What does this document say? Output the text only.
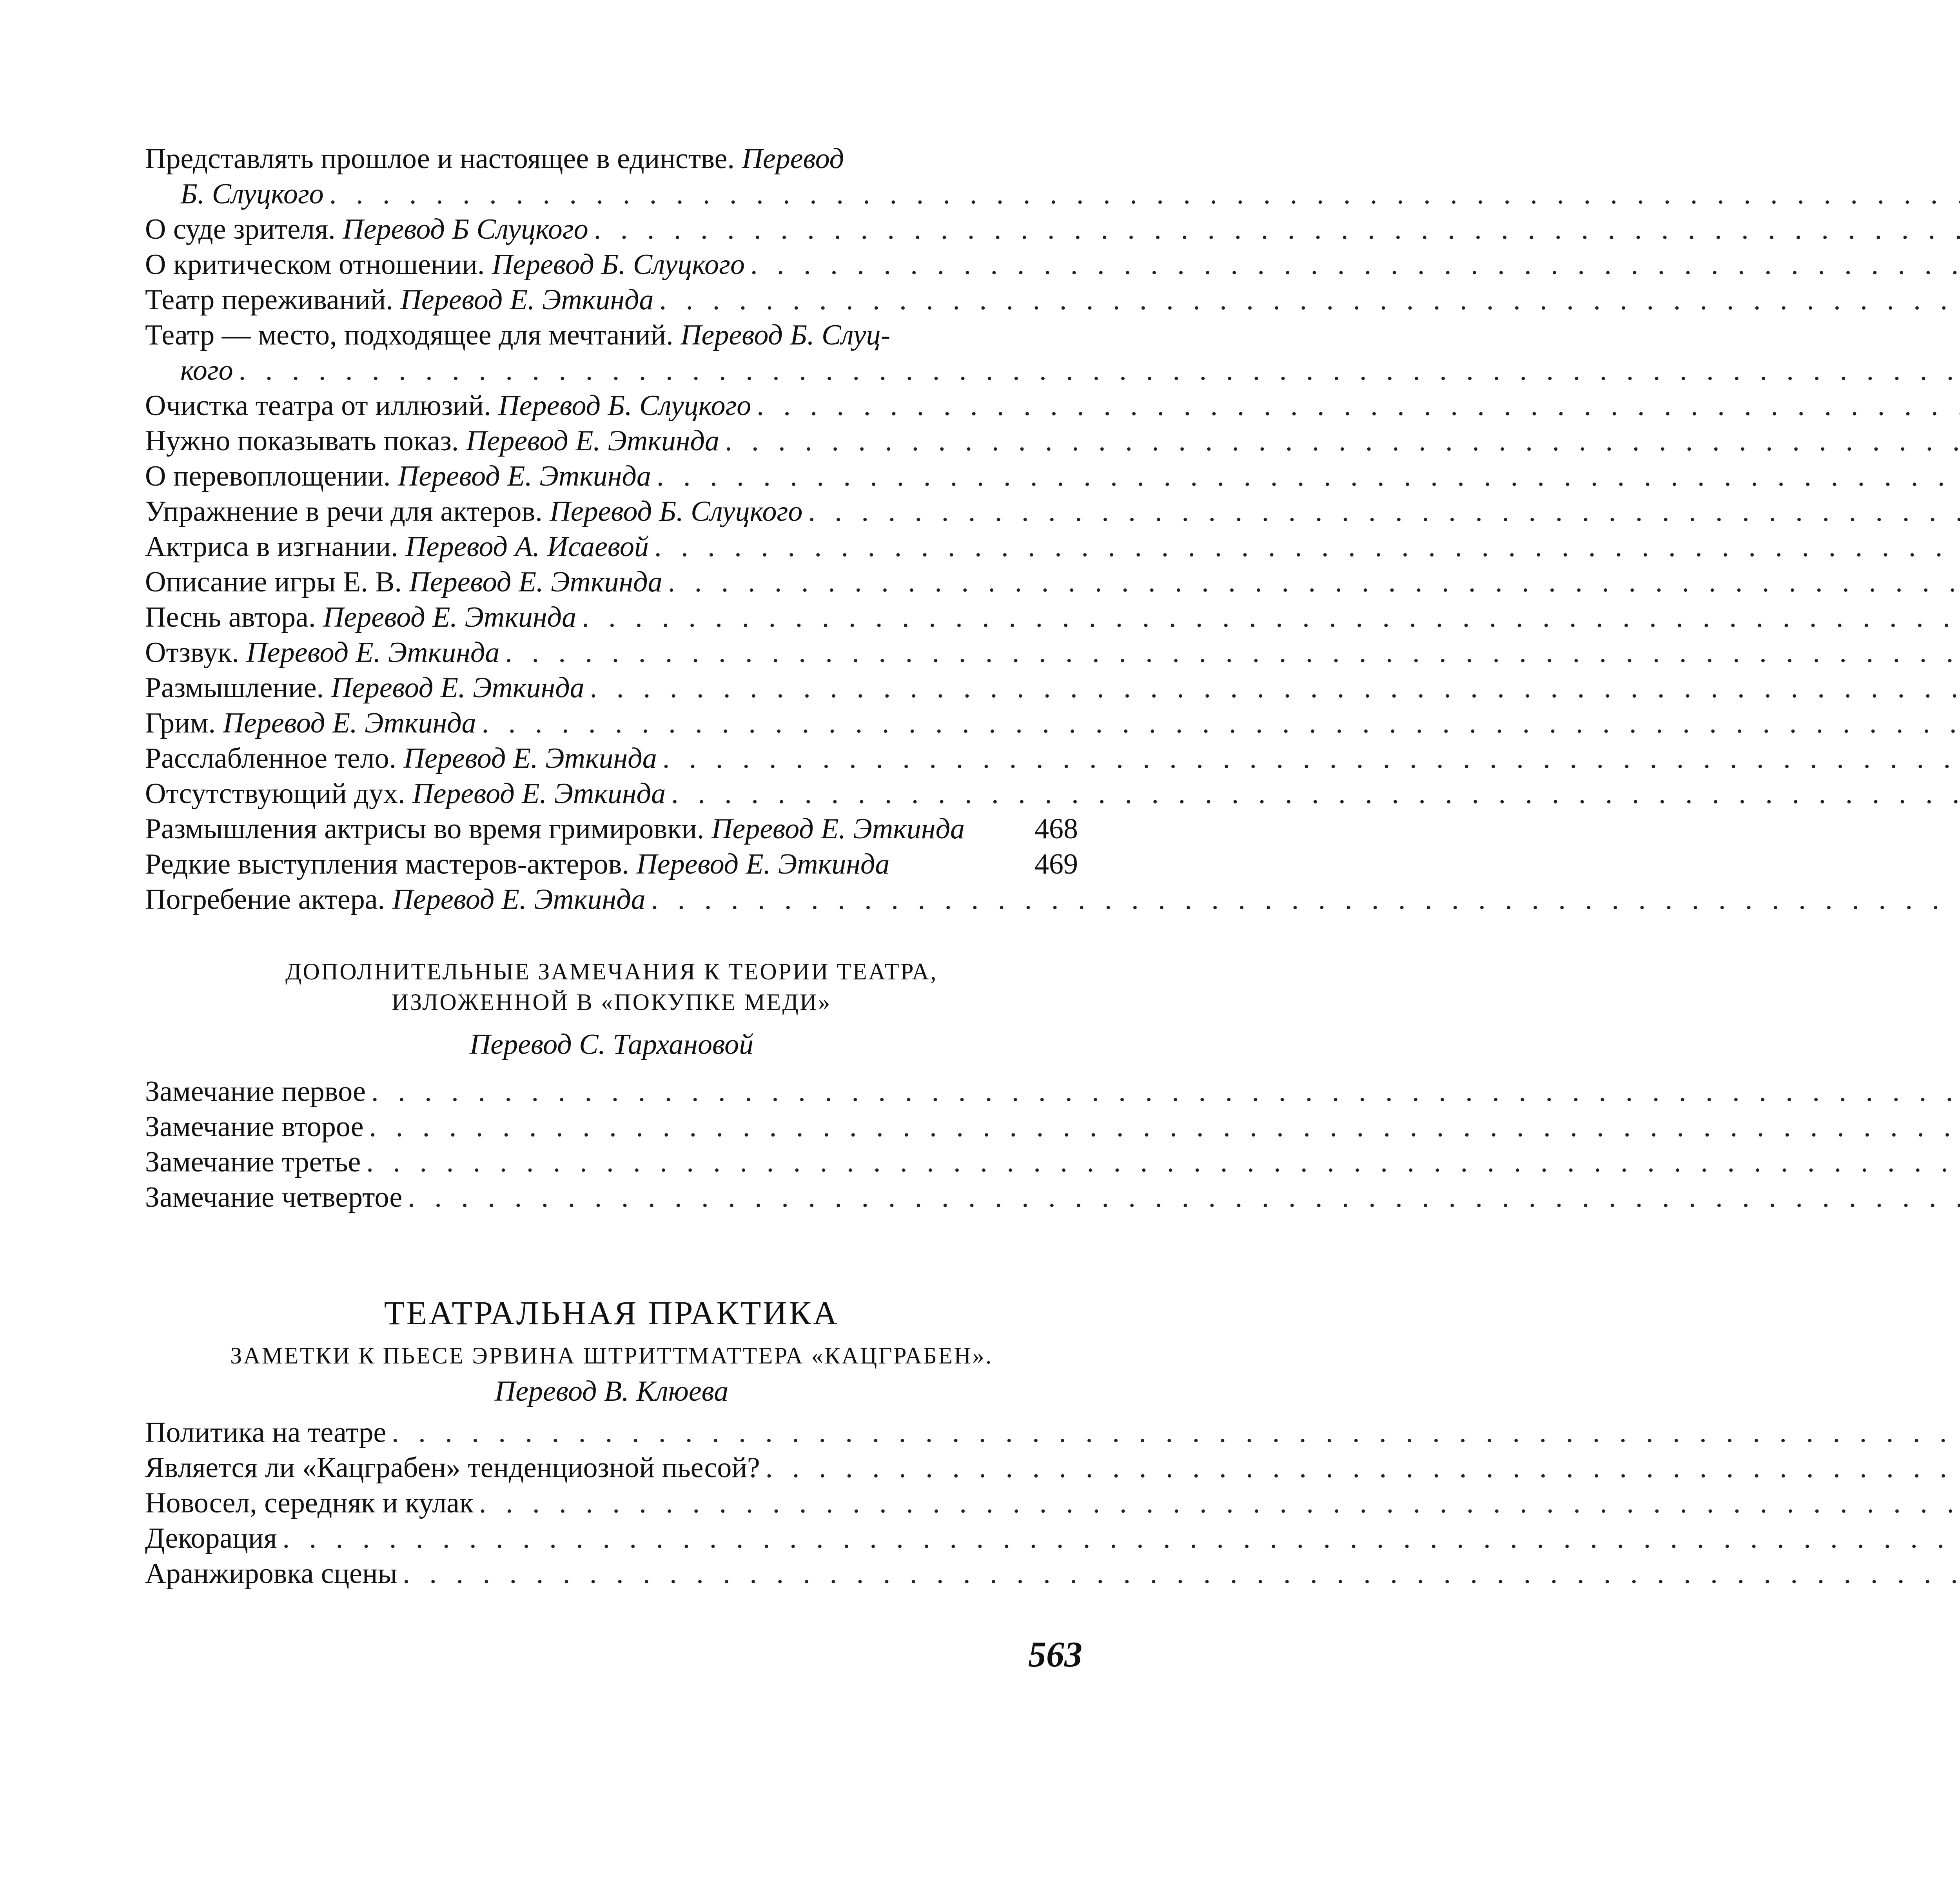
Представлять прошлое и настоящее в единстве. Перевод
Б. Слуцкого
. . .
О суде зрителя. Перевод Б Слуцкого
. . .
О критическом отношении. Перевод Б. Слуцкого
. . .
Театр переживаний. Перевод Е. Эткинда
. . .
Театр — место, подходящее для мечтаний. Перевод Б. Слуц-
кого
. . .
Очистка театра от иллюзий. Перевод Б. Слуцкого
. . .
Нужно показывать показ. Перевод Е. Эткинда
. . .
О перевоплощении. Перевод Е. Эткинда
. . .
Упражнение в речи для актеров. Перевод Б. Слуцкого
. . .
Актриса в изгнании. Перевод А. Исаевой
. . .
Описание игры Е. В. Перевод Е. Эткинда
. . .
Песнь автора. Перевод Е. Эткинда
. . .
Отзвук. Перевод Е. Эткинда
. . .
Размышление. Перевод Е. Эткинда
. . .
Грим. Перевод Е. Эткинда
. . .
Расслабленное тело. Перевод Е. Эткинда
. . .
Отсутствующий дух. Перевод Е. Эткинда
. . .
Размышления актрисы во время гримировки. Перевод Е. Эткинда 468
Редкие выступления мастеров-актеров. Перевод Е. Эткинда	469
Погребение актера. Перевод Е. Эткинда
. . .
ДОПОЛНИТЕЛЬНЫЕ ЗАМЕЧАНИЯ К ТЕОРИИ ТЕАТРА,
ИЗЛОЖЕННОЙ В «ПОКУПКЕ МЕДИ»
Перевод С. Тархановой
Замечание первое
. . .
Замечание второе
. . .
Замечание третье
. . .
Замечание четвертое
. . .
ТЕАТРАЛЬНАЯ ПРАКТИКА
ЗАМЕТКИ К ПЬЕСЕ ЭРВИНА ШТРИТТМАТТЕРА «КАЦГРАБЕН».
Перевод В. Клюева
Политика на театре
. . .
Является ли «Кацграбен» тенденциозной пьесой?
. . .
Новосел, середняк и кулак
. . .
Декорация
. . .
Аранжировка сцены
. . .
563
